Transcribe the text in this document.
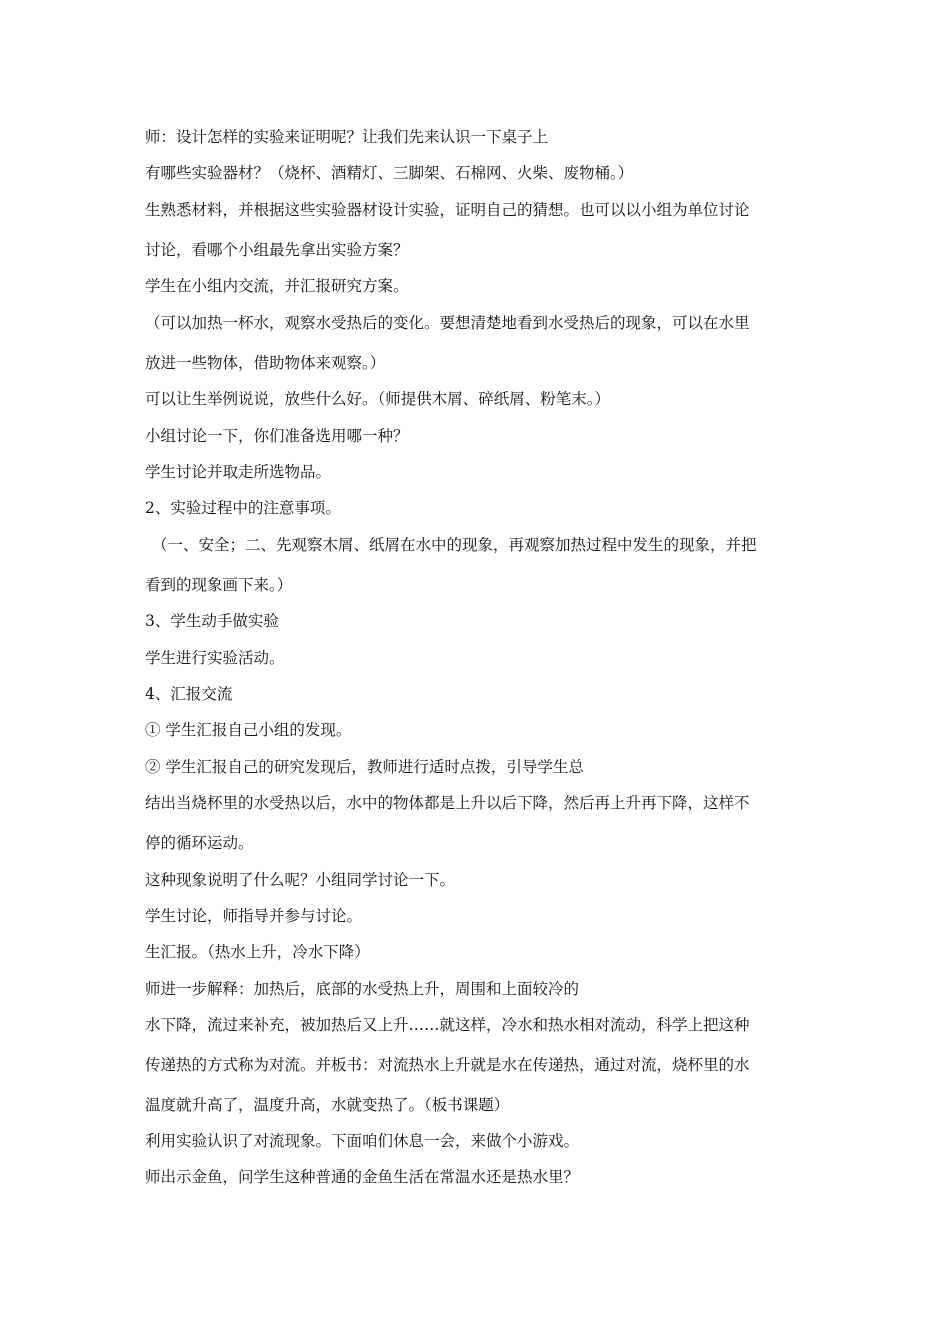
师：设计怎样的实验来证明呢？让我们先来认识一下桌子上
有哪些实验器材？（烧杯、酒精灯、三脚架、石棉网、火柴、废物桶。）
生熟悉材料，并根据这些实验器材设计实验，证明自己的猜想。也可以以小组为单位讨论
讨论，看哪个小组最先拿出实验方案？
学生在小组内交流，并汇报研究方案。
（可以加热一杯水，观察水受热后的变化。要想清楚地看到水受热后的现象，可以在水里
放进一些物体，借助物体来观察。）
可以让生举例说说，放些什么好。（师提供木屑、碎纸屑、粉笔末。）
小组讨论一下，你们准备选用哪一种？
学生讨论并取走所选物品。
2、实验过程中的注意事项。
（一、安全；二、先观察木屑、纸屑在水中的现象，再观察加热过程中发生的现象，并把
看到的现象画下来。）
3、学生动手做实验
学生进行实验活动。
4、汇报交流
① 学生汇报自己小组的发现。
② 学生汇报自己的研究发现后，教师进行适时点拨，引导学生总
结出当烧杯里的水受热以后，水中的物体都是上升以后下降，然后再上升再下降，这样不
停的循环运动。
这种现象说明了什么呢？小组同学讨论一下。
学生讨论，师指导并参与讨论。
生汇报。（热水上升，冷水下降）
师进一步解释：加热后，底部的水受热上升，周围和上面较冷的
水下降，流过来补充，被加热后又上升……就这样，冷水和热水相对流动，科学上把这种
传递热的方式称为对流。并板书：对流热水上升就是水在传递热，通过对流，烧杯里的水
温度就升高了，温度升高，水就变热了。（板书课题）
利用实验认识了对流现象。下面咱们休息一会，来做个小游戏。
师出示金鱼，问学生这种普通的金鱼生活在常温水还是热水里？
